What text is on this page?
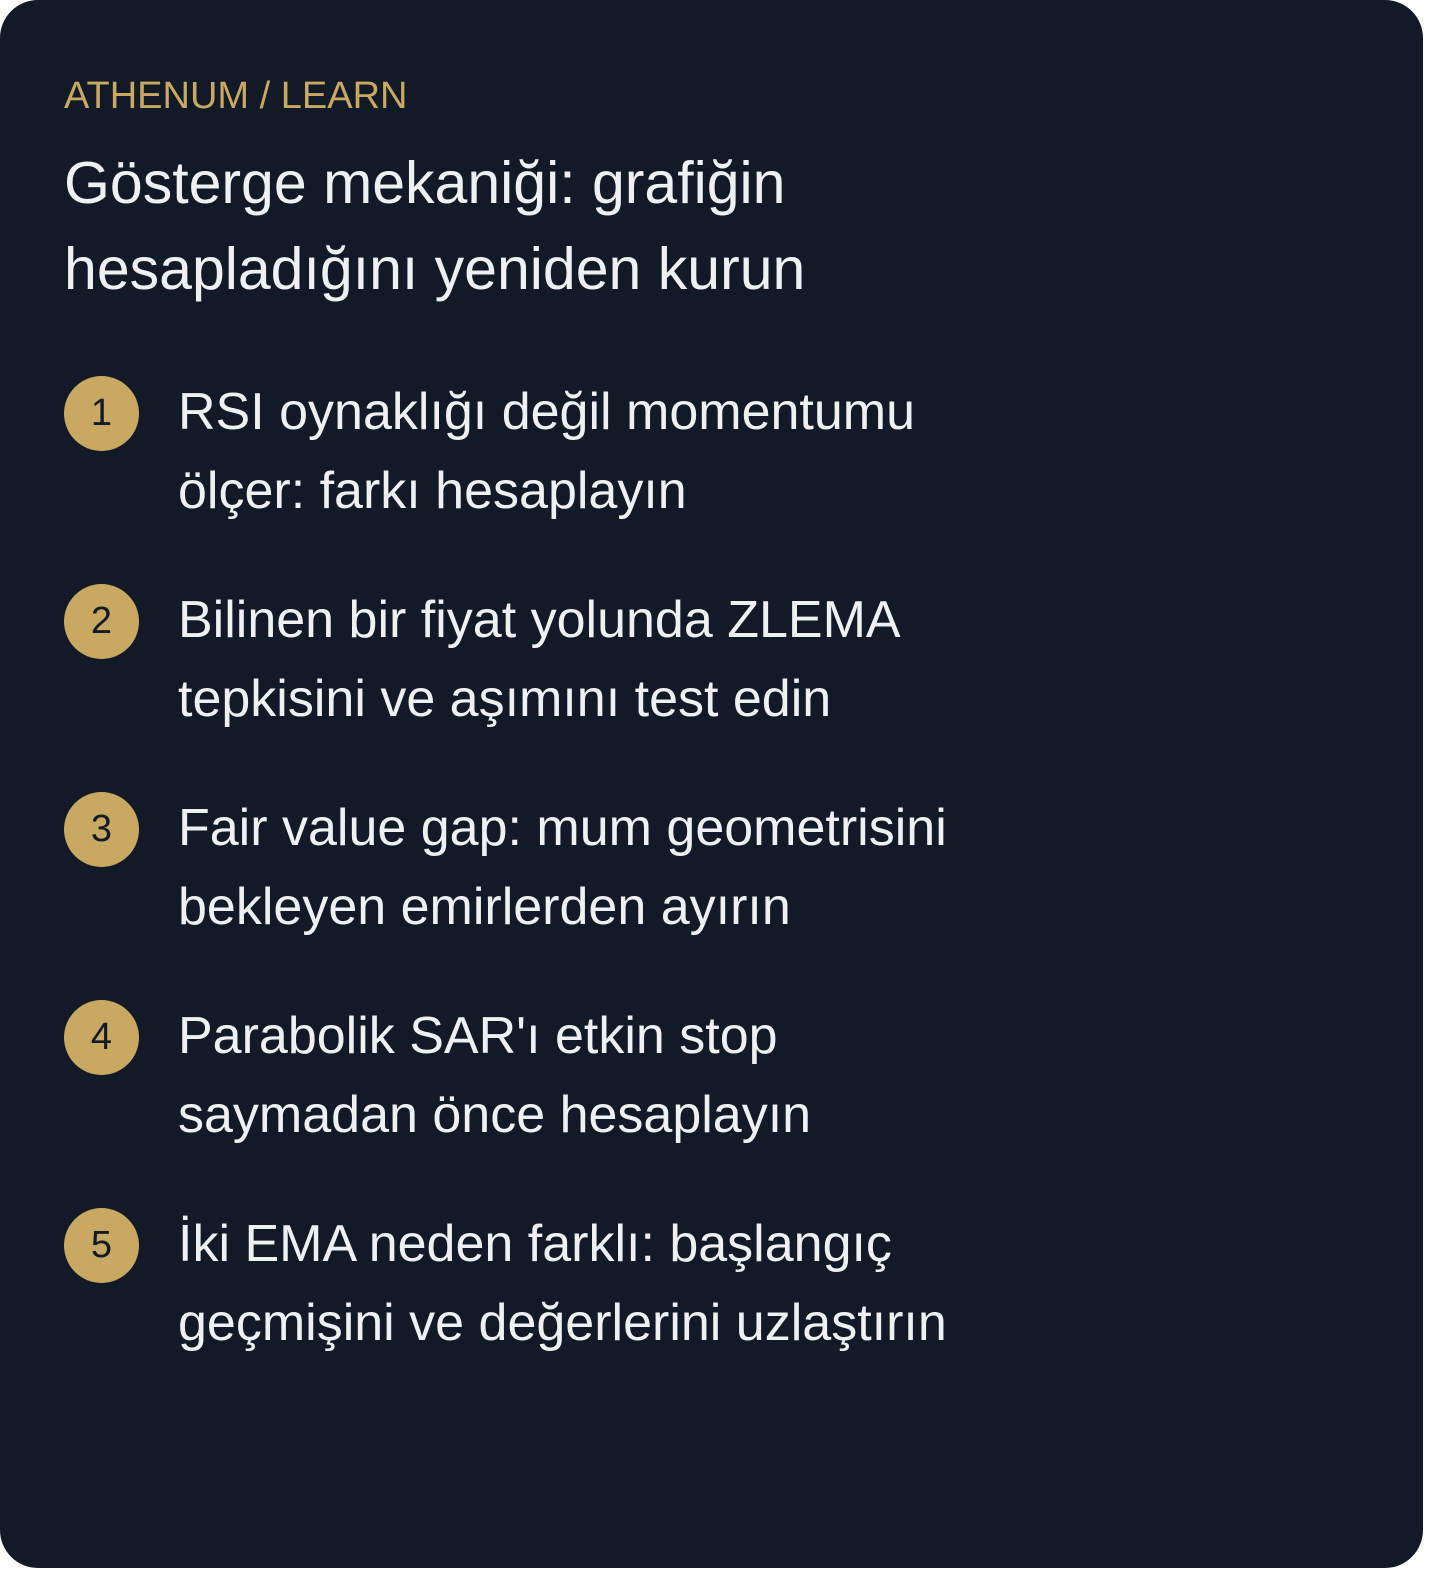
ATHENUM / LEARN
Gösterge mekaniği: grafiğin hesapladığını yeniden kurun
1	RSI oynaklığı değil momentumu ölçer: farkı hesaplayın
2	Bilinen bir fiyat yolunda ZLEMA tepkisini ve aşımını test edin
3	Fair value gap: mum geometrisini bekleyen emirlerden ayırın
4	Parabolik SAR'ı etkin stop saymadan önce hesaplayın
5	İki EMA neden farklı: başlangıç geçmişini ve değerlerini uzlaştırın
